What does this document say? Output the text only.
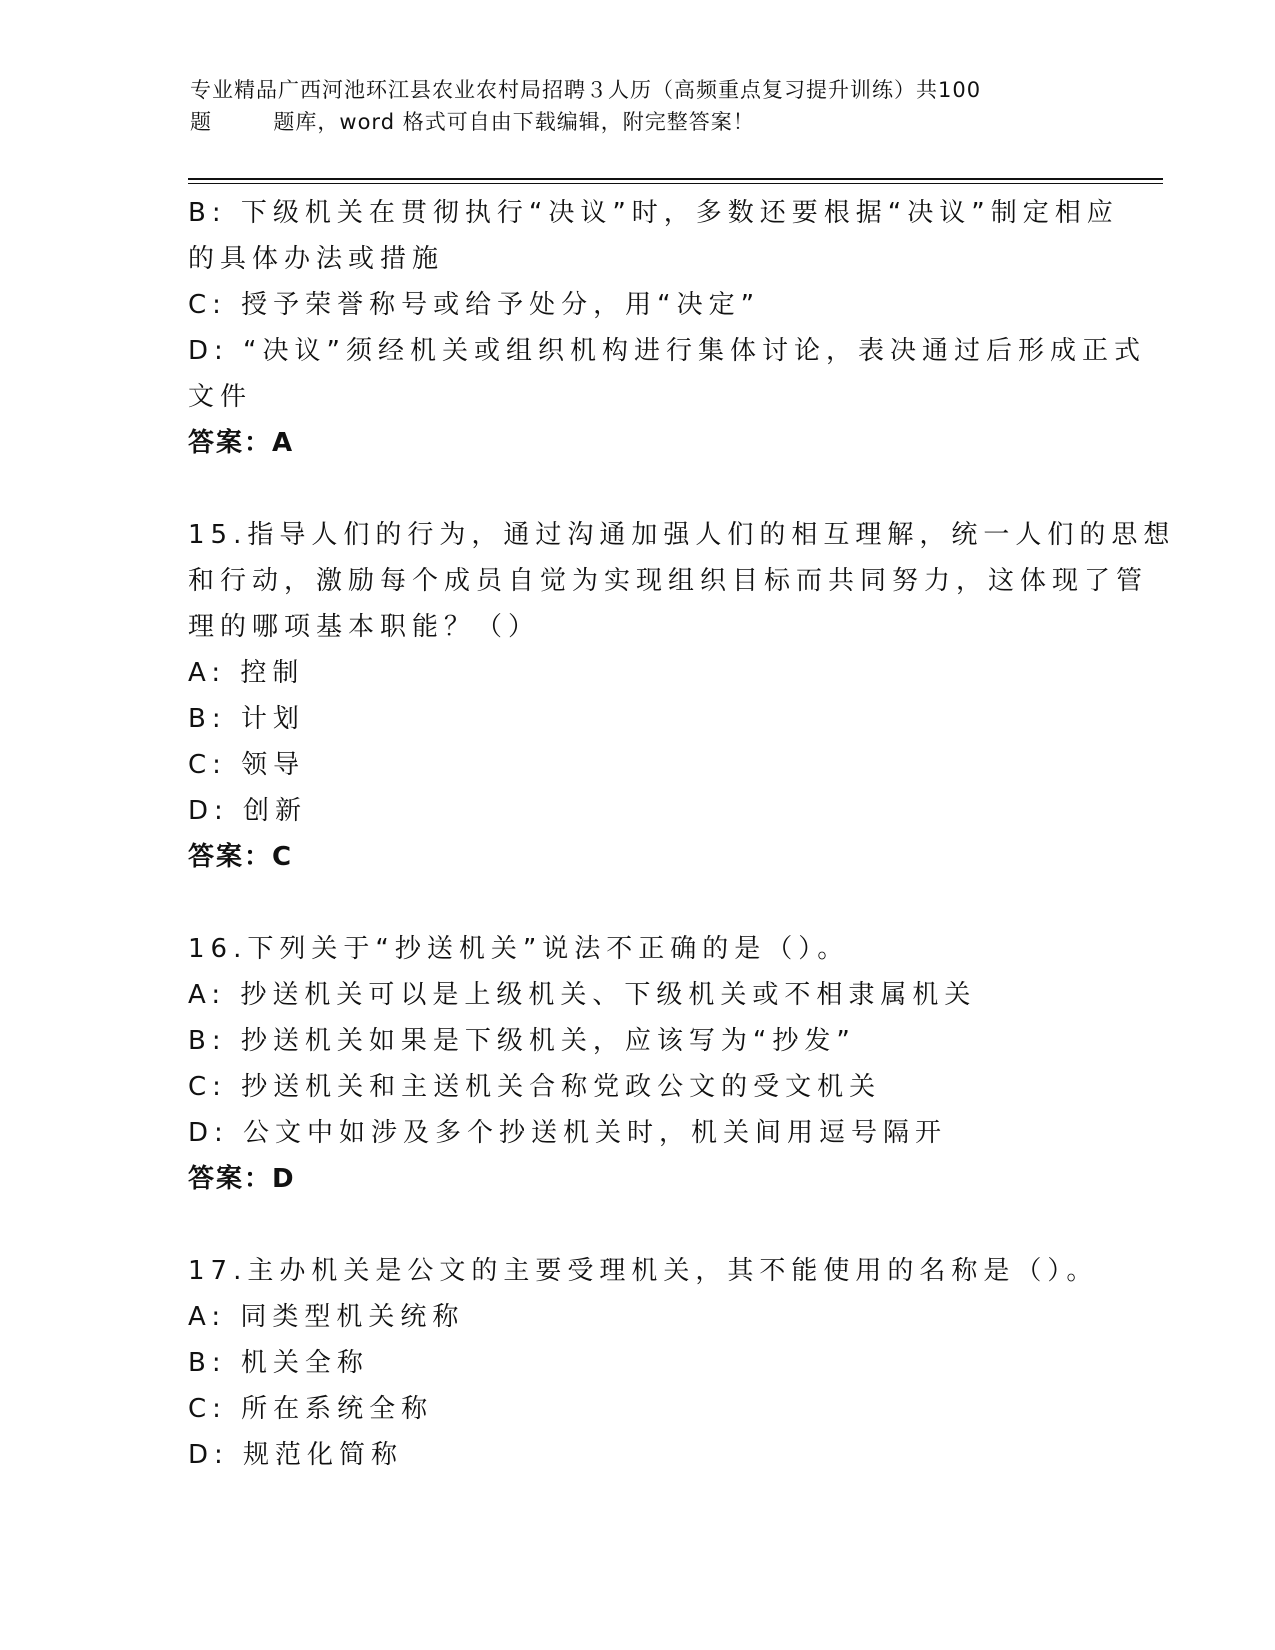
专业精品广西河池环江县农业农村局招聘３人历（高频重点复习提升训练）共100
题        题库，word 格式可自由下载编辑，附完整答案！
B: 下级机关在贯彻执行“决议”时，多数还要根据“决议”制定相应
的具体办法或措施
C: 授予荣誉称号或给予处分，用“决定”
D: “决议”须经机关或组织机构进行集体讨论，表决通过后形成正式
文件
答案：A
15.指导人们的行为，通过沟通加强人们的相互理解，统一人们的思想
和行动，激励每个成员自觉为实现组织目标而共同努力，这体现了管
理的哪项基本职能？（）
A: 控制
B: 计划
C: 领导
D: 创新
答案：C
16.下列关于“抄送机关”说法不正确的是（）。
A: 抄送机关可以是上级机关、下级机关或不相隶属机关
B: 抄送机关如果是下级机关，应该写为“抄发”
C: 抄送机关和主送机关合称党政公文的受文机关
D: 公文中如涉及多个抄送机关时，机关间用逗号隔开
答案：D
17.主办机关是公文的主要受理机关，其不能使用的名称是（）。
A: 同类型机关统称
B: 机关全称
C: 所在系统全称
D: 规范化简称
